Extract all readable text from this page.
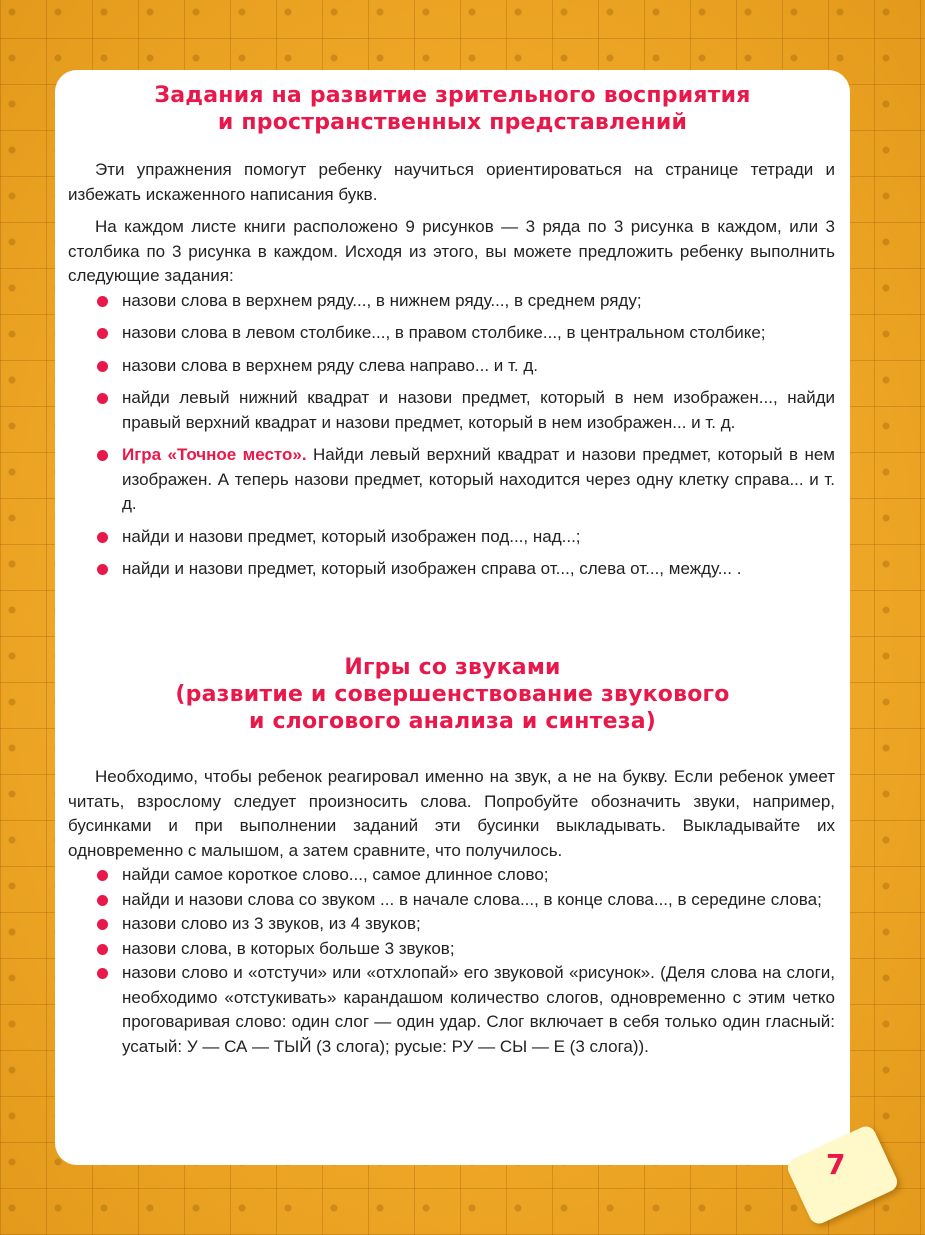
Задания на развитие зрительного восприятия
и пространственных представлений

Эти упражнения помогут ребенку научиться ориентироваться на странице тетради и избежать искаженного написания букв.

На каждом листе книги расположено 9 рисунков — 3 ряда по 3 рисунка в каждом, или 3 столбика по 3 рисунка в каждом. Исходя из этого, вы можете предложить ребенку выполнить следующие задания:

назови слова в верхнем ряду..., в нижнем ряду..., в среднем ряду;
назови слова в левом столбике..., в правом столбике..., в центральном столбике;
назови слова в верхнем ряду слева направо... и т. д.
найди левый нижний квадрат и назови предмет, который в нем изображен..., найди правый верхний квадрат и назови предмет, который в нем изображен... и т. д.
Игра «Точное место». Найди левый верхний квадрат и назови предмет, который в нем изображен. А теперь назови предмет, который находится через одну клетку справа... и т. д.
найди и назови предмет, который изображен под..., над...;
найди и назови предмет, который изображен справа от..., слева от..., между... .
Игры со звуками
(развитие и совершенствование звукового
и слогового анализа и синтеза)

Необходимо, чтобы ребенок реагировал именно на звук, а не на букву. Если ребенок умеет читать, взрослому следует произносить слова. Попробуйте обозначить звуки, например, бусинками и при выполнении заданий эти бусинки выкладывать. Выкладывайте их одновременно с малышом, а затем сравните, что получилось.

найди самое короткое слово..., самое длинное слово;
найди и назови слова со звуком ... в начале слова..., в конце слова..., в середине слова;
назови слово из 3 звуков, из 4 звуков;
назови слова, в которых больше 3 звуков;
назови слово и «отстучи» или «отхлопай» его звуковой «рисунок». (Деля слова на слоги, необходимо «отстукивать» карандашом количество слогов, одновременно с этим четко проговаривая слово: один слог — один удар. Слог включает в себя только один гласный: усатый: У — СА — ТЫЙ (3 слога); русые: РУ — СЫ — Е (3 слога)).
7
